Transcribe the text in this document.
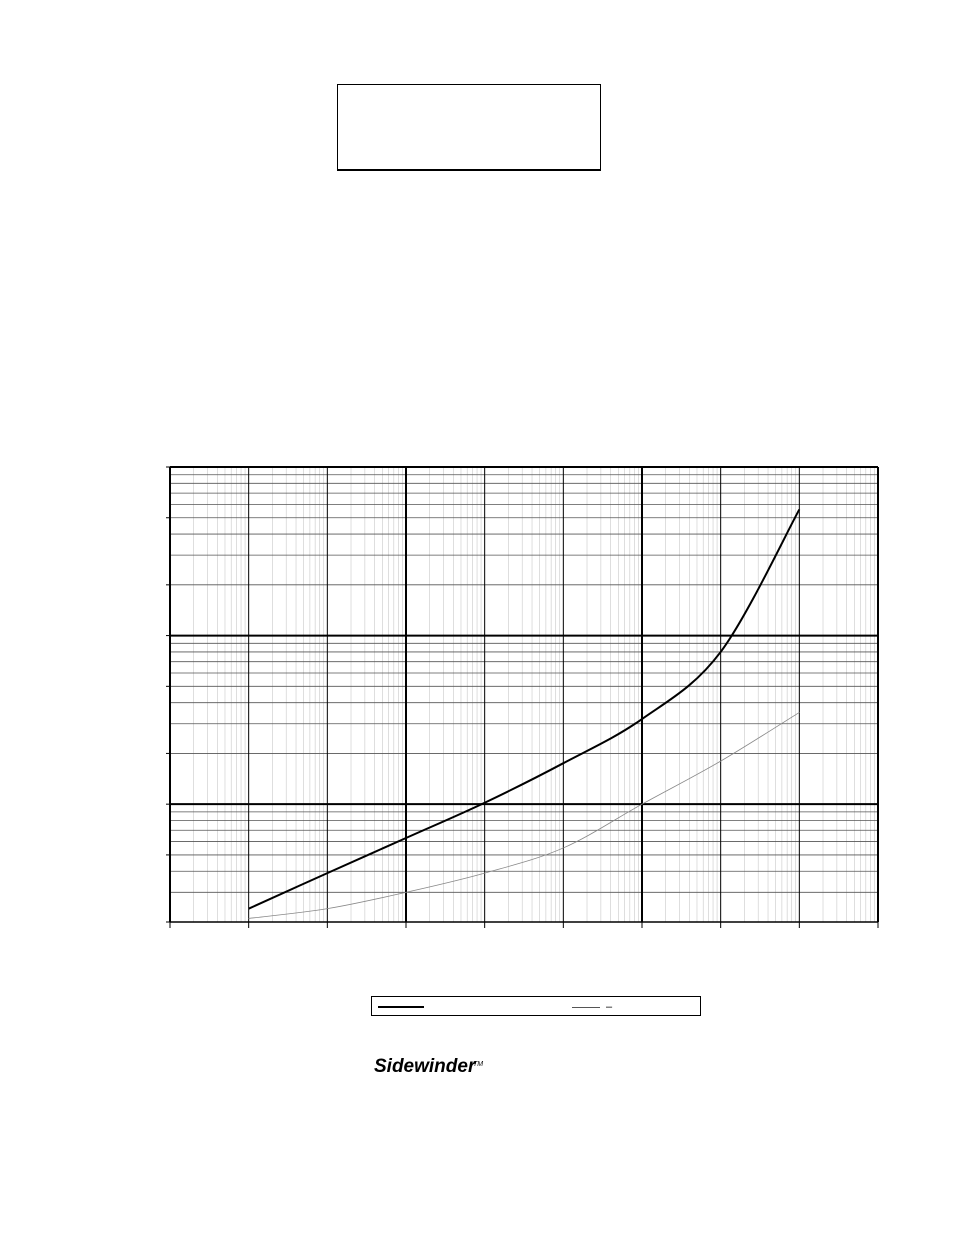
–
Sidewinder
TM
